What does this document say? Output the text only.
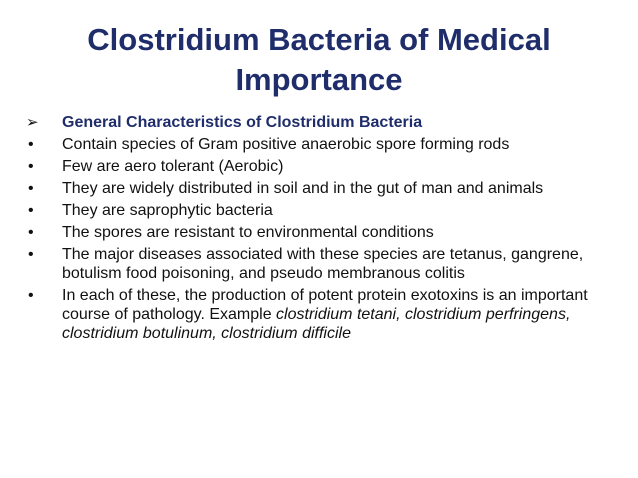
Clostridium Bacteria of Medical Importance
➢ General Characteristics of Clostridium Bacteria
• Contain species of Gram positive anaerobic spore forming rods
• Few are aero tolerant (Aerobic)
• They are widely distributed in soil and in the gut of man and animals
• They are saprophytic bacteria
• The spores are resistant to environmental conditions
• The major diseases associated with these species are tetanus, gangrene, botulism food poisoning, and pseudo membranous colitis
• In each of these, the production of potent protein exotoxins is an important course of pathology. Example clostridium tetani, clostridium perfringens, clostridium botulinum, clostridium difficile
